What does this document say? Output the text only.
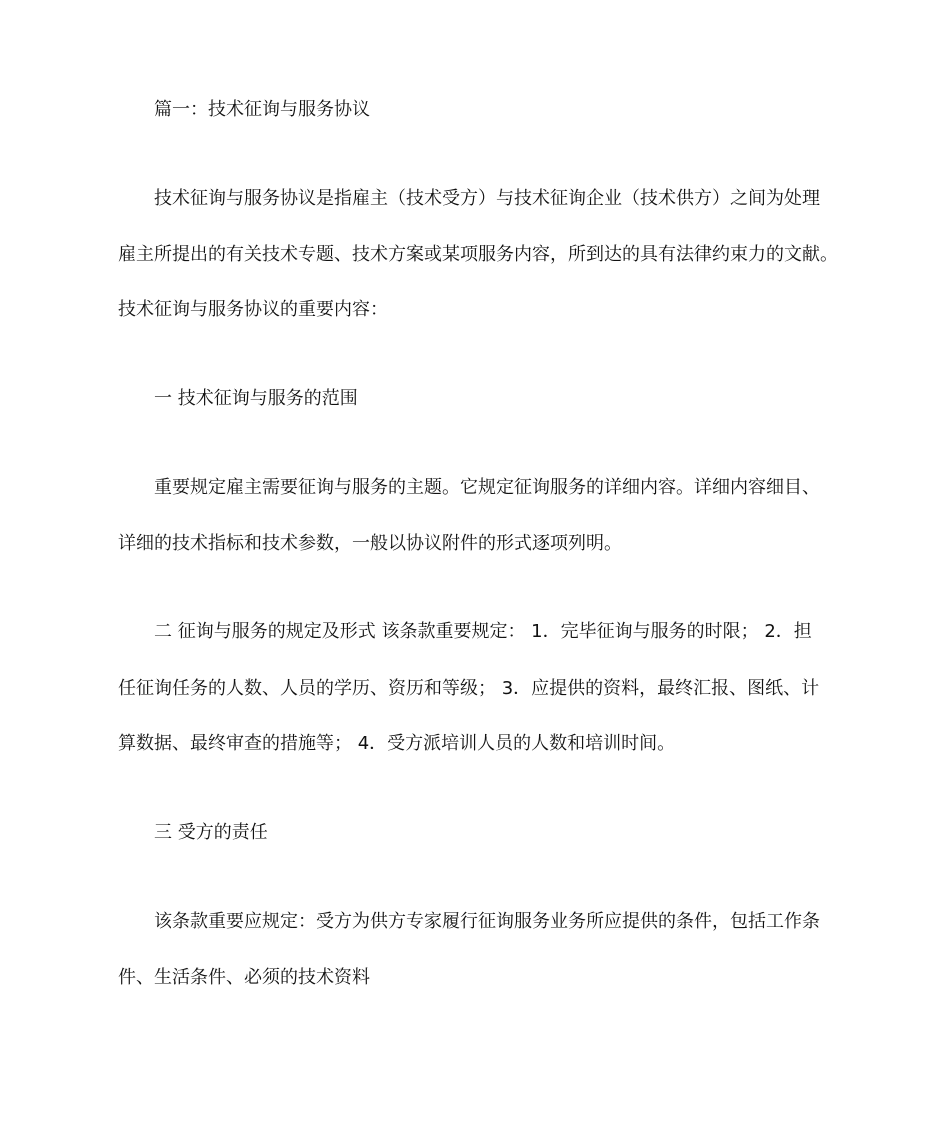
篇一：技术征询与服务协议
技术征询与服务协议是指雇主（技术受方）与技术征询企业（技术供方）之间为处理
雇主所提出的有关技术专题、技术方案或某项服务内容，所到达的具有法律约束力的文献。
技术征询与服务协议的重要内容：
一 技术征询与服务的范围
重要规定雇主需要征询与服务的主题。它规定征询服务的详细内容。详细内容细目、
详细的技术指标和技术参数，一般以协议附件的形式逐项列明。
二 征询与服务的规定及形式 该条款重要规定： 1．完毕征询与服务的时限； 2．担
任征询任务的人数、人员的学历、资历和等级； 3．应提供的资料，最终汇报、图纸、计
算数据、最终审查的措施等； 4．受方派培训人员的人数和培训时间。
三 受方的责任
该条款重要应规定：受方为供方专家履行征询服务业务所应提供的条件，包括工作条
件、生活条件、必须的技术资料
